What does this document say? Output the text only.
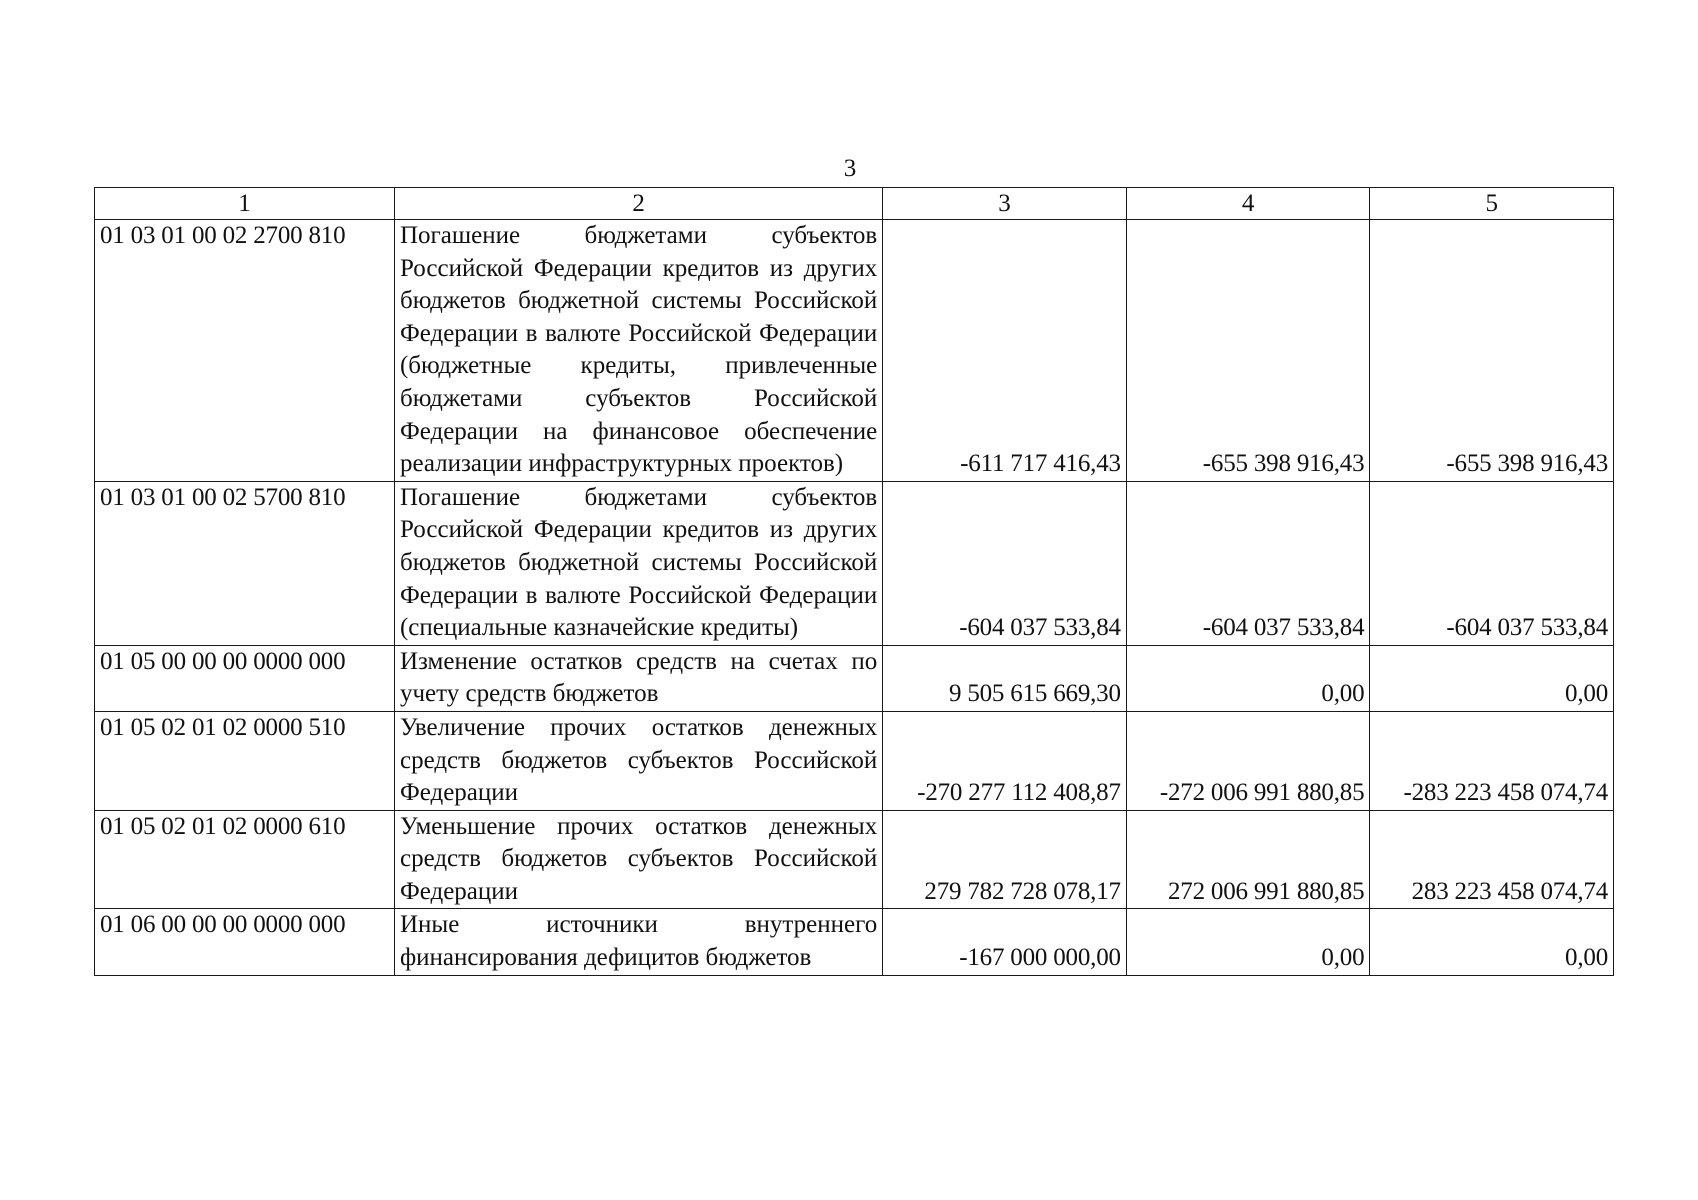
3
1	2	3	4	5
01 03 01 00 02 2700 810	Погашение бюджетами субъектов Российской Федерации кредитов из других бюджетов бюджетной системы Российской Федерации в валюте Российской Федерации (бюджетные кредиты, привлеченные бюджетами субъектов Российской Федерации на финансовое обеспечение реализации инфраструктурных проектов)	-611 717 416,43	-655 398 916,43	-655 398 916,43
01 03 01 00 02 5700 810	Погашение бюджетами субъектов Российской Федерации кредитов из других бюджетов бюджетной системы Российской Федерации в валюте Российской Федерации (специальные казначейские кредиты)	-604 037 533,84	-604 037 533,84	-604 037 533,84
01 05 00 00 00 0000 000	Изменение остатков средств на счетах по учету средств бюджетов	9 505 615 669,30	0,00	0,00
01 05 02 01 02 0000 510	Увеличение прочих остатков денежных средств бюджетов субъектов Российской Федерации	-270 277 112 408,87	-272 006 991 880,85	-283 223 458 074,74
01 05 02 01 02 0000 610	Уменьшение прочих остатков денежных средств бюджетов субъектов Российской Федерации	279 782 728 078,17	272 006 991 880,85	283 223 458 074,74
01 06 00 00 00 0000 000	Иные источники внутреннего финансирования дефицитов бюджетов	-167 000 000,00	0,00	0,00
